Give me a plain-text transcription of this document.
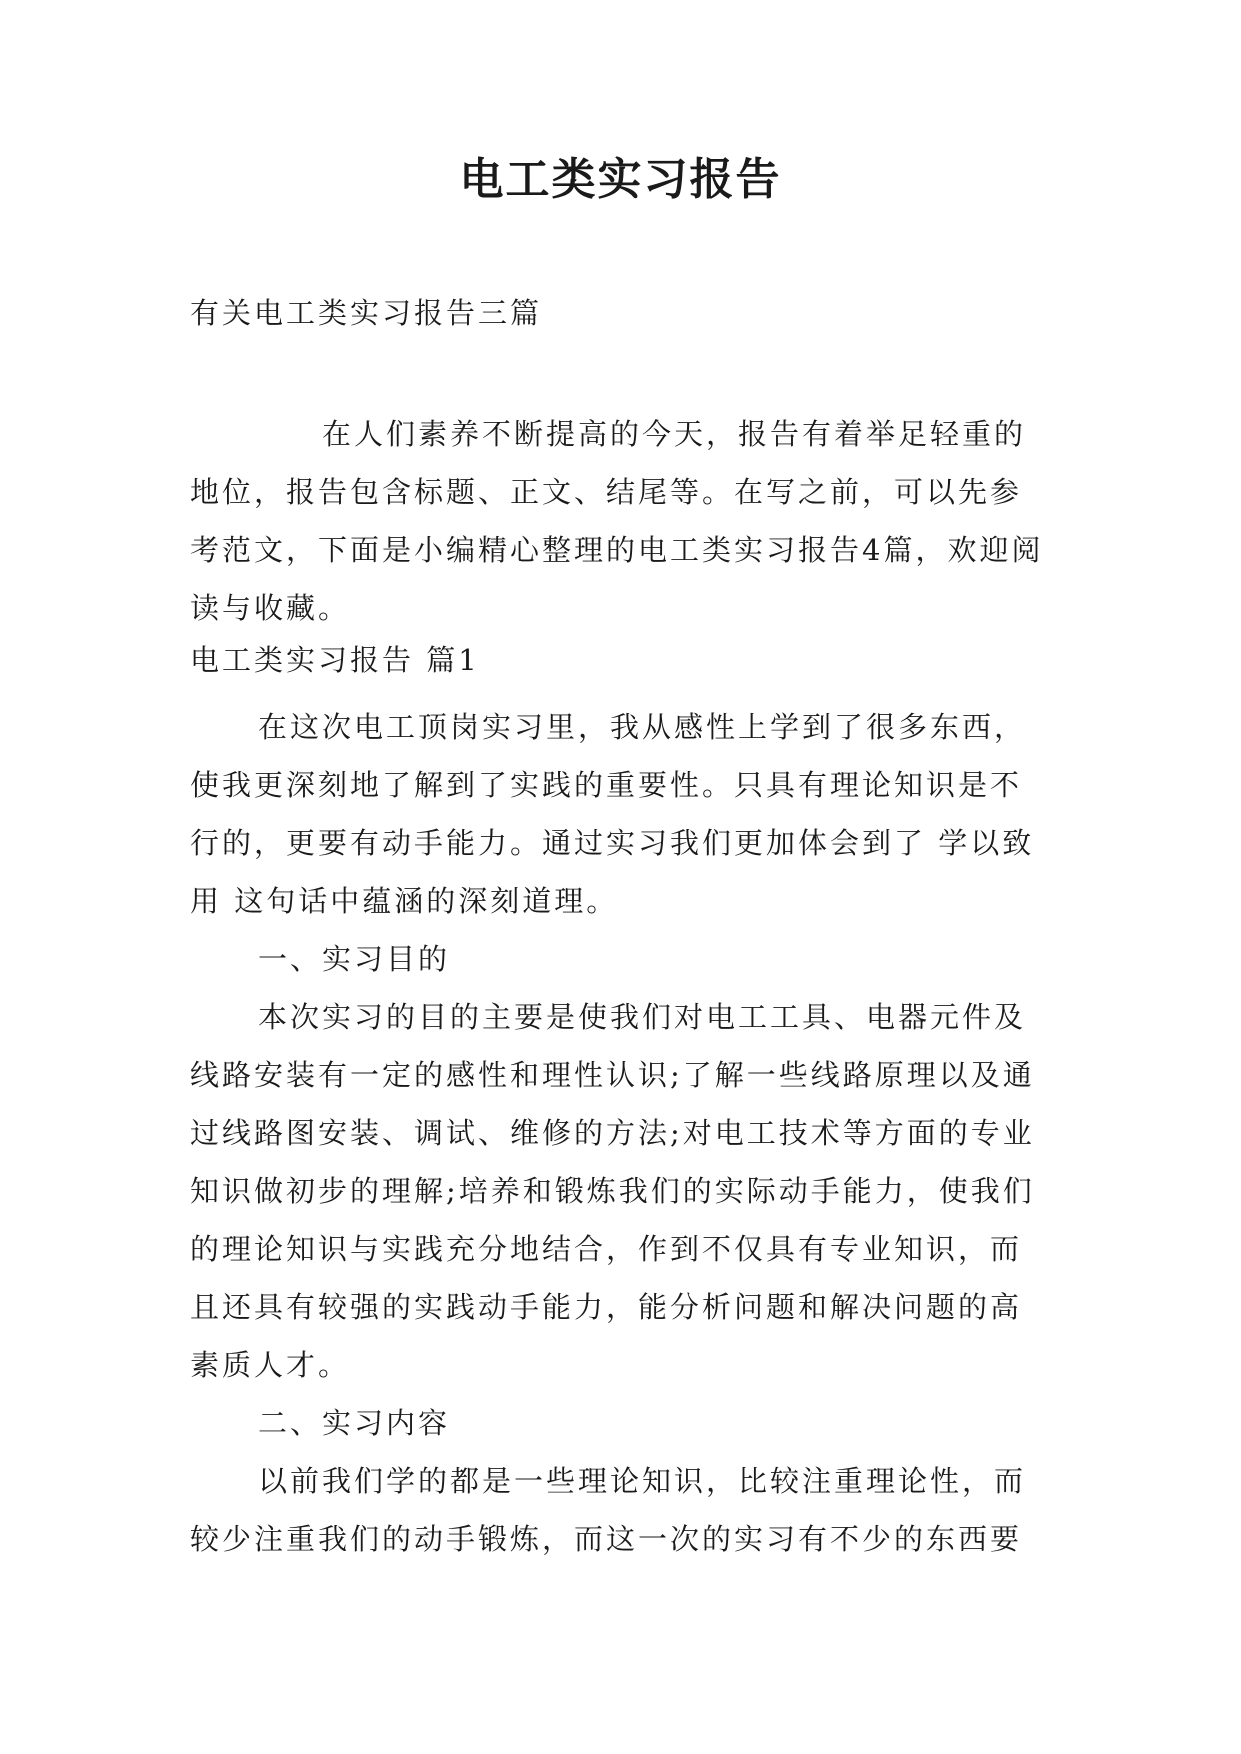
电工类实习报告
有关电工类实习报告三篇

在人们素养不断提高的今天，报告有着举足轻重的地位，报告包含标题、正文、结尾等。在写之前，可以先参考范文，下面是小编精心整理的电工类实习报告4篇，欢迎阅读与收藏。

电工类实习报告 篇1

在这次电工顶岗实习里，我从感性上学到了很多东西，使我更深刻地了解到了实践的重要性。只具有理论知识是不行的，更要有动手能力。通过实习我们更加体会到了 学以致用 这句话中蕴涵的深刻道理。

一、实习目的

本次实习的目的主要是使我们对电工工具、电器元件及线路安装有一定的感性和理性认识;了解一些线路原理以及通过线路图安装、调试、维修的方法;对电工技术等方面的专业知识做初步的理解;培养和锻炼我们的实际动手能力，使我们的理论知识与实践充分地结合，作到不仅具有专业知识，而且还具有较强的实践动手能力，能分析问题和解决问题的高素质人才。

二、实习内容

以前我们学的都是一些理论知识，比较注重理论性，而较少注重我们的动手锻炼，而这一次的实习有不少的东西要
